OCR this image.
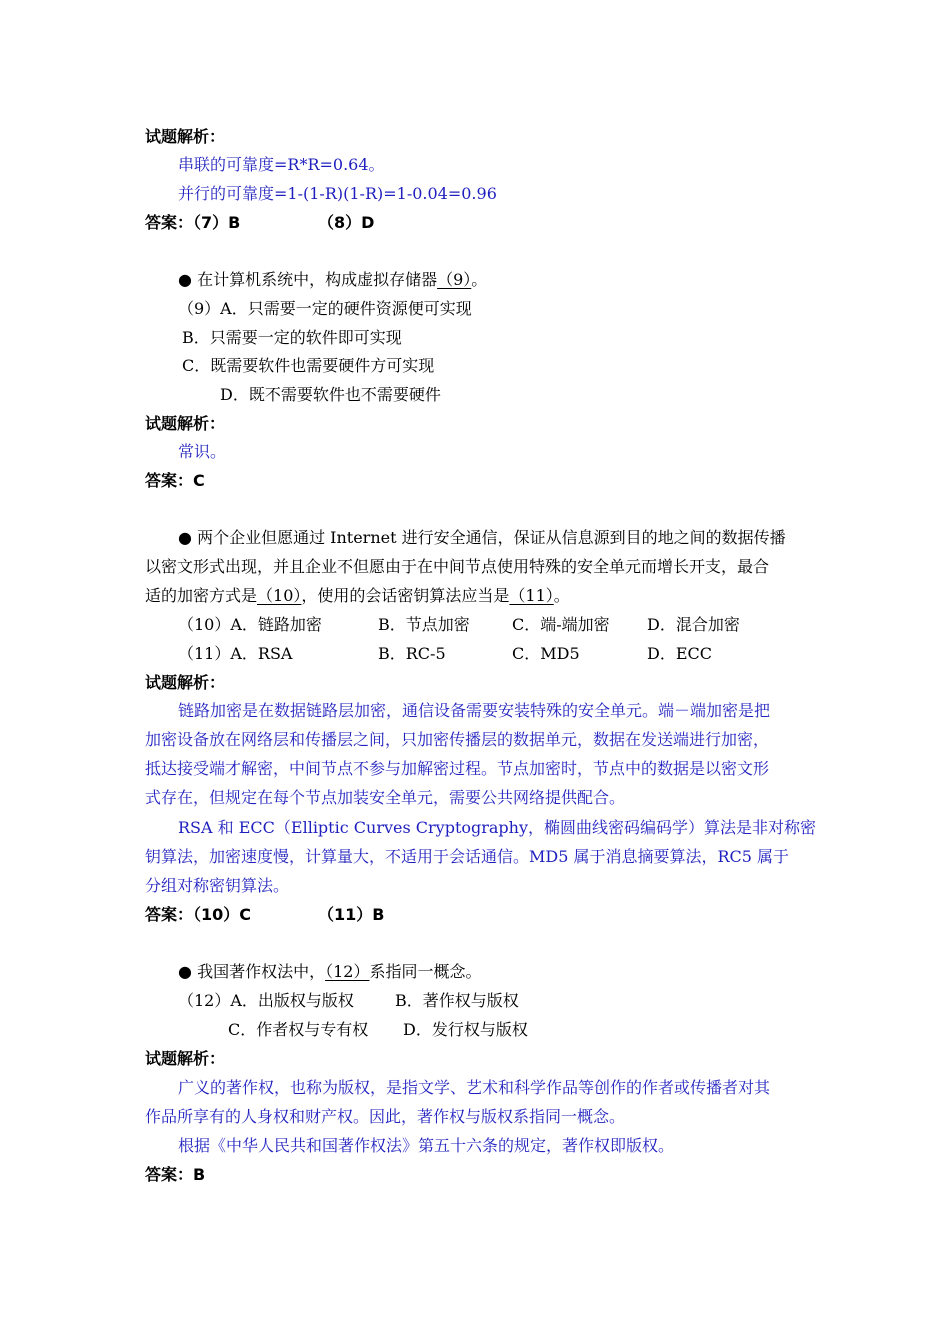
试题解析：
串联的可靠度=R*R=0.64。
并行的可靠度=1-(1-R)(1-R)=1-0.04=0.96
答案：（7）B	（8）D
● 在计算机系统中，构成虚拟存储器（9）。
（9）A．只需要一定的硬件资源便可实现
B．只需要一定的软件即可实现
C．既需要软件也需要硬件方可实现
D．既不需要软件也不需要硬件
试题解析：
常识。
答案：C
● 两个企业但愿通过 Internet 进行安全通信，保证从信息源到目的地之间的数据传播
以密文形式出现，并且企业不但愿由于在中间节点使用特殊的安全单元而增长开支，最合
适的加密方式是（10），使用的会话密钥算法应当是（11）。
（10）A．链路加密	B．节点加密	C．端-端加密 D．混合加密
（11）A．RSA	B．RC-5	C．MD5	D．ECC
试题解析：
链路加密是在数据链路层加密，通信设备需要安装特殊的安全单元。端－端加密是把
加密设备放在网络层和传播层之间，只加密传播层的数据单元，数据在发送端进行加密，
抵达接受端才解密，中间节点不参与加解密过程。节点加密时，节点中的数据是以密文形
式存在，但规定在每个节点加装安全单元，需要公共网络提供配合。
RSA 和 ECC（Elliptic Curves Cryptography，椭圆曲线密码编码学）算法是非对称密
钥算法，加密速度慢，计算量大，不适用于会话通信。MD5 属于消息摘要算法，RC5 属于
分组对称密钥算法。
答案：（10）C	（11）B
● 我国著作权法中，（12）系指同一概念。
（12）A．出版权与版权	B．著作权与版权
C．作者权与专有权 D．发行权与版权
试题解析：
广义的著作权，也称为版权，是指文学、艺术和科学作品等创作的作者或传播者对其
作品所享有的人身权和财产权。因此，著作权与版权系指同一概念。
根据《中华人民共和国著作权法》第五十六条的规定，著作权即版权。
答案：B
